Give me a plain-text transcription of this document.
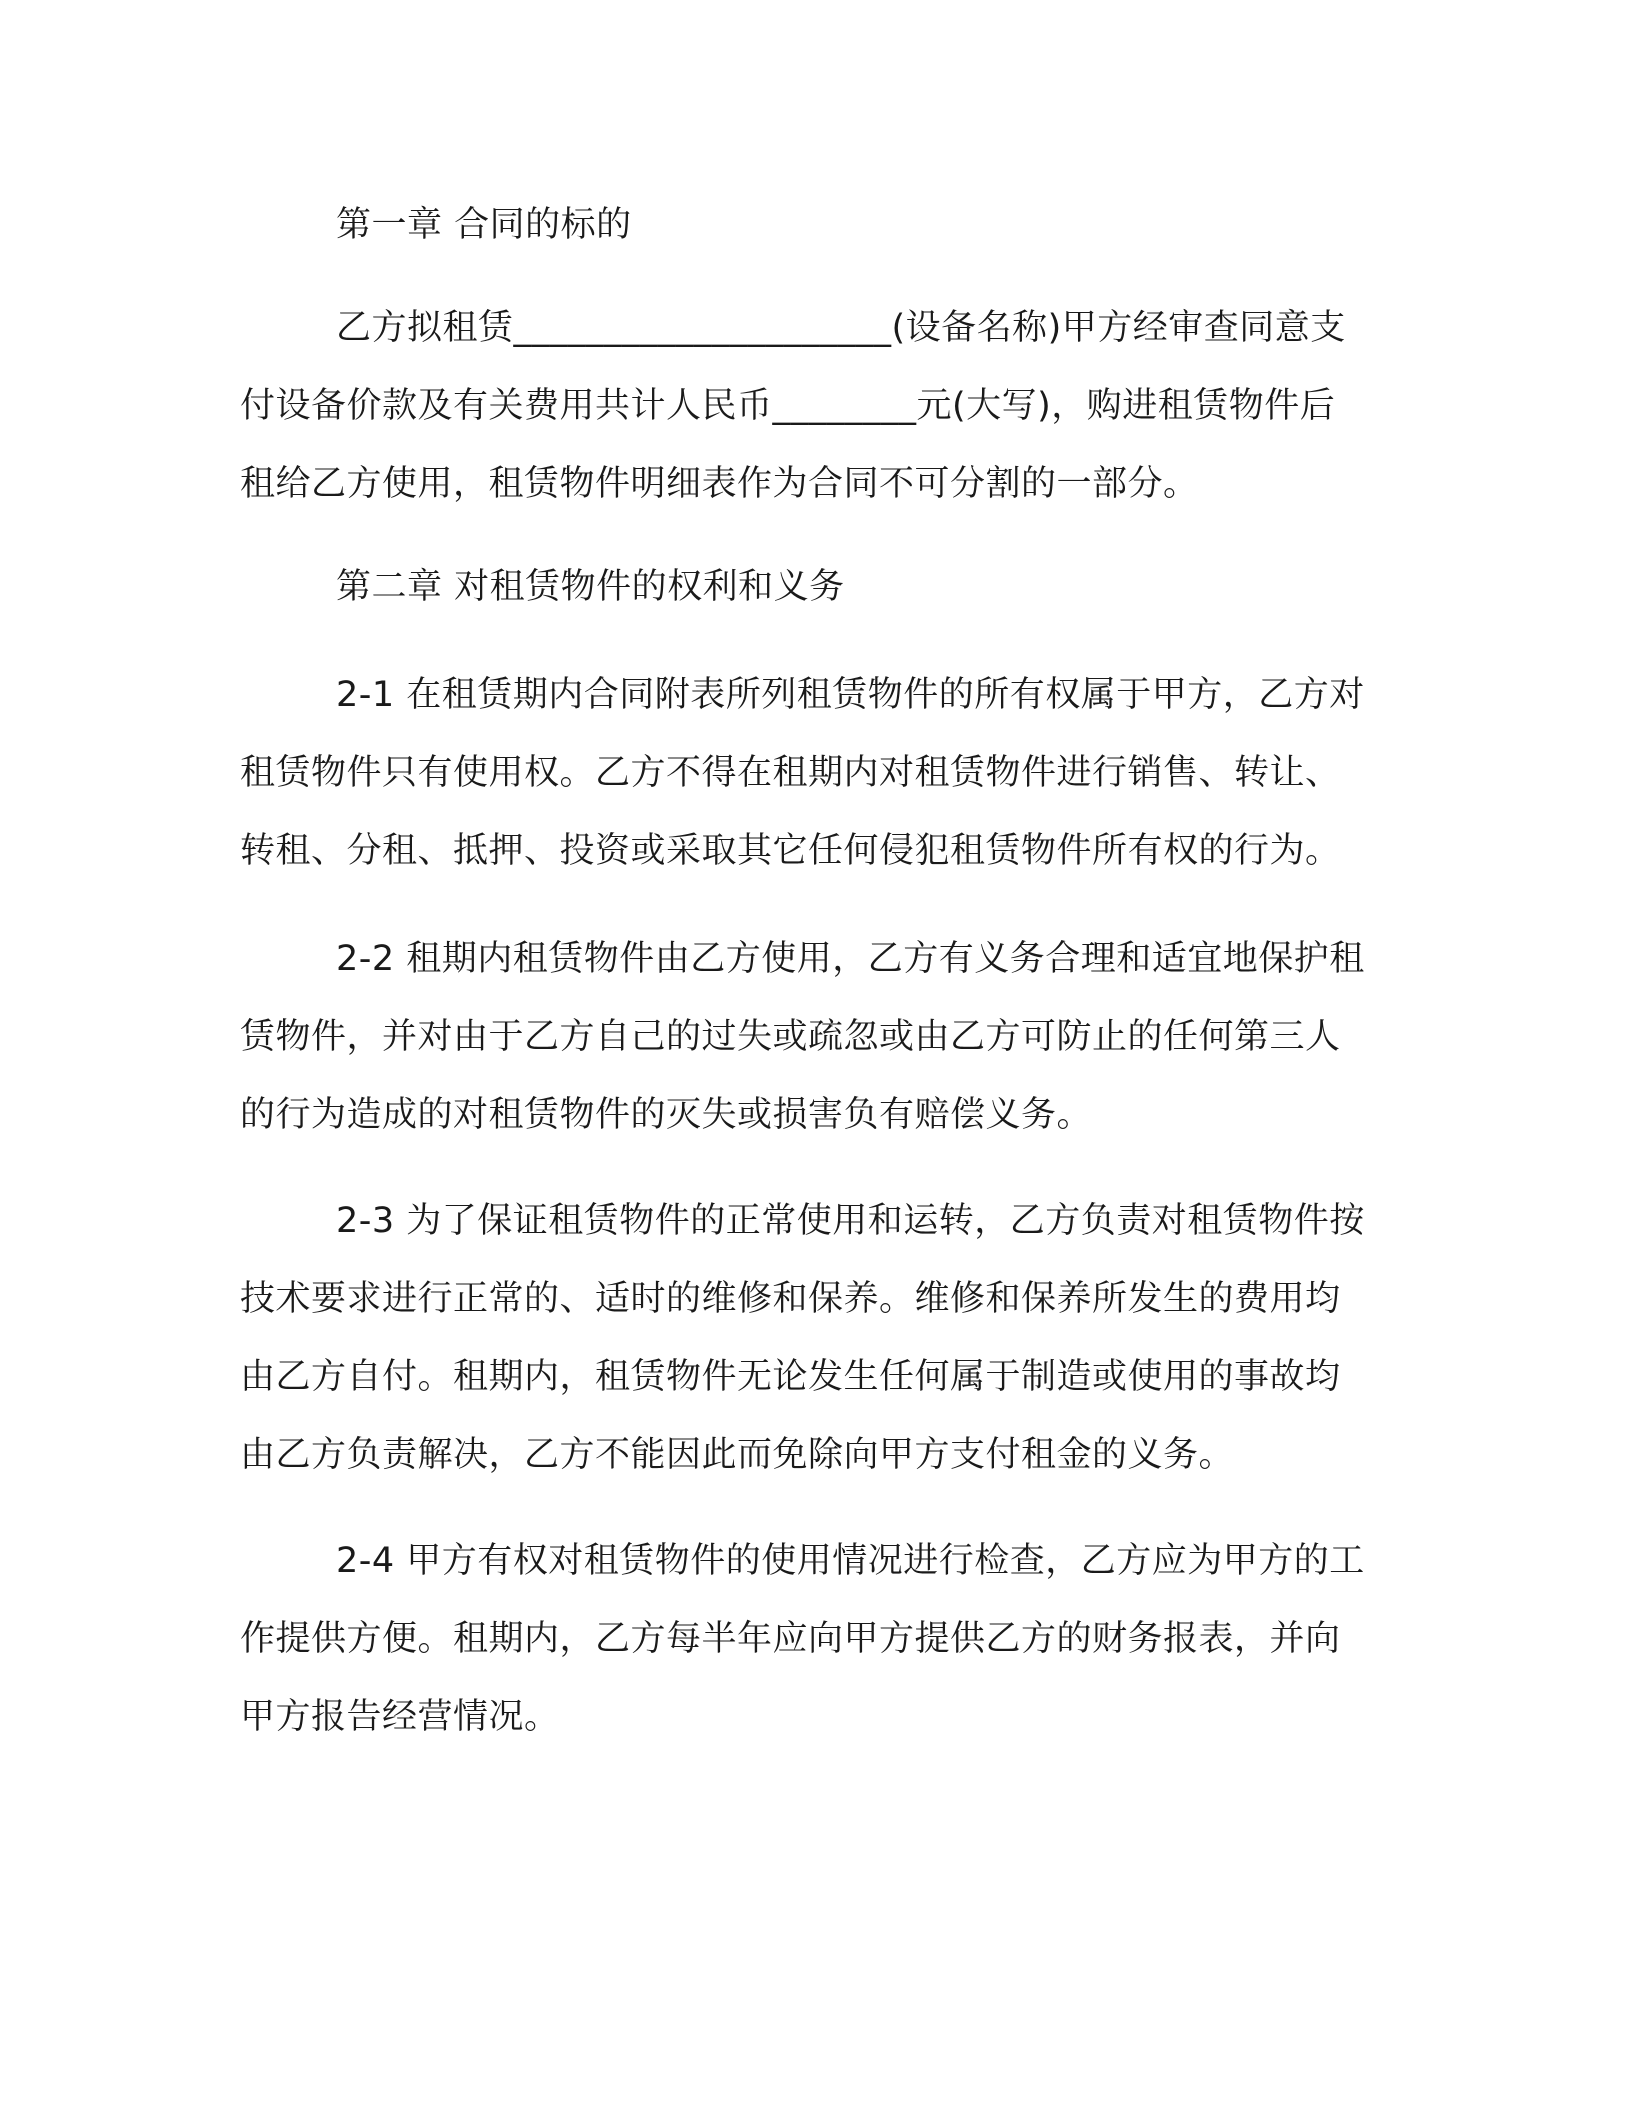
第一章 合同的标的

乙方拟租赁_____________________(设备名称)甲方经审查同意支付设备价款及有关费用共计人民币________元(大写)，购进租赁物件后租给乙方使用，租赁物件明细表作为合同不可分割的一部分。

第二章 对租赁物件的权利和义务

2-1 在租赁期内合同附表所列租赁物件的所有权属于甲方，乙方对租赁物件只有使用权。乙方不得在租期内对租赁物件进行销售、转让、转租、分租、抵押、投资或采取其它任何侵犯租赁物件所有权的行为。

2-2 租期内租赁物件由乙方使用，乙方有义务合理和适宜地保护租赁物件，并对由于乙方自己的过失或疏忽或由乙方可防止的任何第三人的行为造成的对租赁物件的灭失或损害负有赔偿义务。

2-3 为了保证租赁物件的正常使用和运转，乙方负责对租赁物件按技术要求进行正常的、适时的维修和保养。维修和保养所发生的费用均由乙方自付。租期内，租赁物件无论发生任何属于制造或使用的事故均由乙方负责解决，乙方不能因此而免除向甲方支付租金的义务。

2-4 甲方有权对租赁物件的使用情况进行检查，乙方应为甲方的工作提供方便。租期内，乙方每半年应向甲方提供乙方的财务报表，并向甲方报告经营情况。
